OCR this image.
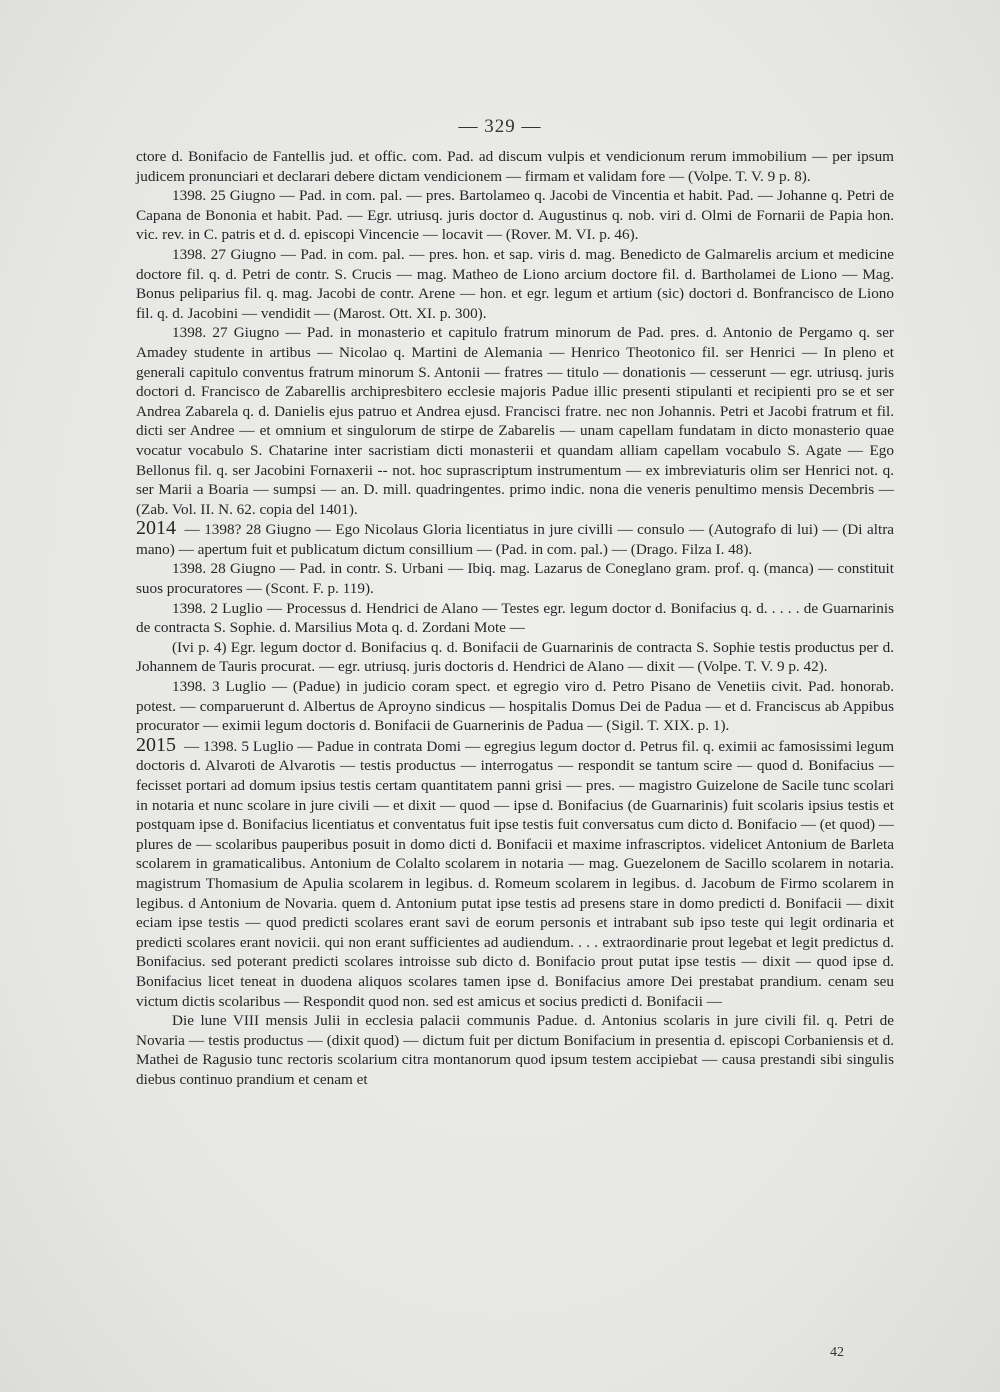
— 329 —

ctore d. Bonifacio de Fantellis jud. et offic. com. Pad. ad discum vulpis et vendicionum rerum immobilium — per ipsum judicem pronunciari et declarari debere dictam vendicionem — firmam et validam fore — (Volpe. T. V. 9 p. 8).

1398. 25 Giugno — Pad. in com. pal. — pres. Bartolameo q. Jacobi de Vincentia et habit. Pad. — Johanne q. Petri de Capana de Bononia et habit. Pad. — Egr. utriusq. juris doctor d. Augustinus q. nob. viri d. Olmi de Fornarii de Papia hon. vic. rev. in C. patris et d. d. episcopi Vincencie — locavit — (Rover. M. VI. p. 46).

1398. 27 Giugno — Pad. in com. pal. — pres. hon. et sap. viris d. mag. Benedicto de Galmarelis arcium et medicine doctore fil. q. d. Petri de contr. S. Crucis — mag. Matheo de Liono arcium doctore fil. d. Bartholamei de Liono — Mag. Bonus peliparius fil. q. mag. Jacobi de contr. Arene — hon. et egr. legum et artium (sic) doctori d. Bonfrancisco de Liono fil. q. d. Jacobini — vendidit — (Marost. Ott. XI. p. 300).

1398. 27 Giugno — Pad. in monasterio et capitulo fratrum minorum de Pad. pres. d. Antonio de Pergamo q. ser Amadey studente in artibus — Nicolao q. Martini de Alemania — Henrico Theotonico fil. ser Henrici — In pleno et generali capitulo conventus fratrum minorum S. Antonii — fratres — titulo — donationis — cesserunt — egr. utriusq. juris doctori d. Francisco de Zabarellis archipresbitero ecclesie majoris Padue illic presenti stipulanti et recipienti pro se et ser Andrea Zabarela q. d. Danielis ejus patruo et Andrea ejusd. Francisci fratre. nec non Johannis. Petri et Jacobi fratrum et fil. dicti ser Andree — et omnium et singulorum de stirpe de Zabarelis — unam capellam fundatam in dicto monasterio quae vocatur vocabulo S. Chatarine inter sacristiam dicti monasterii et quandam alliam capellam vocabulo S. Agate — Ego Bellonus fil. q. ser Jacobini Fornaxerii -- not. hoc suprascriptum instrumentum — ex imbreviaturis olim ser Henrici not. q. ser Marii a Boaria — sumpsi — an. D. mill. quadringentes. primo indic. nona die veneris penultimo mensis Decembris — (Zab. Vol. II. N. 62. copia del 1401).

2014 — 1398? 28 Giugno — Ego Nicolaus Gloria licentiatus in jure civilli — consulo — (Autografo di lui) — (Di altra mano) — apertum fuit et publicatum dictum consillium — (Pad. in com. pal.) — (Drago. Filza I. 48).

1398. 28 Giugno — Pad. in contr. S. Urbani — Ibiq. mag. Lazarus de Coneglano gram. prof. q. (manca) — constituit suos procuratores — (Scont. F. p. 119).

1398. 2 Luglio — Processus d. Hendrici de Alano — Testes egr. legum doctor d. Bonifacius q. d. . . . . de Guarnarinis de contracta S. Sophie. d. Marsilius Mota q. d. Zordani Mote —

(Ivi p. 4) Egr. legum doctor d. Bonifacius q. d. Bonifacii de Guarnarinis de contracta S. Sophie testis productus per d. Johannem de Tauris procurat. — egr. utriusq. juris doctoris d. Hendrici de Alano — dixit — (Volpe. T. V. 9 p. 42).

1398. 3 Luglio — (Padue) in judicio coram spect. et egregio viro d. Petro Pisano de Venetiis civit. Pad. honorab. potest. — comparuerunt d. Albertus de Aproyno sindicus — hospitalis Domus Dei de Padua — et d. Franciscus ab Appibus procurator — eximii legum doctoris d. Bonifacii de Guarnerinis de Padua — (Sigil. T. XIX. p. 1).

2015 — 1398. 5 Luglio — Padue in contrata Domi — egregius legum doctor d. Petrus fil. q. eximii ac famosissimi legum doctoris d. Alvaroti de Alvarotis — testis productus — interrogatus — respondit se tantum scire — quod d. Bonifacius — fecisset portari ad domum ipsius testis certam quantitatem panni grisi — pres. — magistro Guizelone de Sacile tunc scolari in notaria et nunc scolare in jure civili — et dixit — quod — ipse d. Bonifacius (de Guarnarinis) fuit scolaris ipsius testis et postquam ipse d. Bonifacius licentiatus et conventatus fuit ipse testis fuit conversatus cum dicto d. Bonifacio — (et quod) — plures de — scolaribus pauperibus posuit in domo dicti d. Bonifacii et maxime infrascriptos. videlicet Antonium de Barleta scolarem in gramaticalibus. Antonium de Colalto scolarem in notaria — mag. Guezelonem de Sacillo scolarem in notaria. magistrum Thomasium de Apulia scolarem in legibus. d. Romeum scolarem in legibus. d. Jacobum de Firmo scolarem in legibus. d Antonium de Novaria. quem d. Antonium putat ipse testis ad presens stare in domo predicti d. Bonifacii — dixit eciam ipse testis — quod predicti scolares erant savi de eorum personis et intrabant sub ipso teste qui legit ordinaria et predicti scolares erant novicii. qui non erant sufficientes ad audiendum. . . . extraordinarie prout legebat et legit predictus d. Bonifacius. sed poterant predicti scolares introisse sub dicto d. Bonifacio prout putat ipse testis — dixit — quod ipse d. Bonifacius licet teneat in duodena aliquos scolares tamen ipse d. Bonifacius amore Dei prestabat prandium. cenam seu victum dictis scolaribus — Respondit quod non. sed est amicus et socius predicti d. Bonifacii —

Die lune VIII mensis Julii in ecclesia palacii communis Padue. d. Antonius scolaris in jure civili fil. q. Petri de Novaria — testis productus — (dixit quod) — dictum fuit per dictum Bonifacium in presentia d. episcopi Corbaniensis et d. Mathei de Ragusio tunc rectoris scolarium citra montanorum quod ipsum testem accipiebat — causa prestandi sibi singulis diebus continuo prandium et cenam et

42
